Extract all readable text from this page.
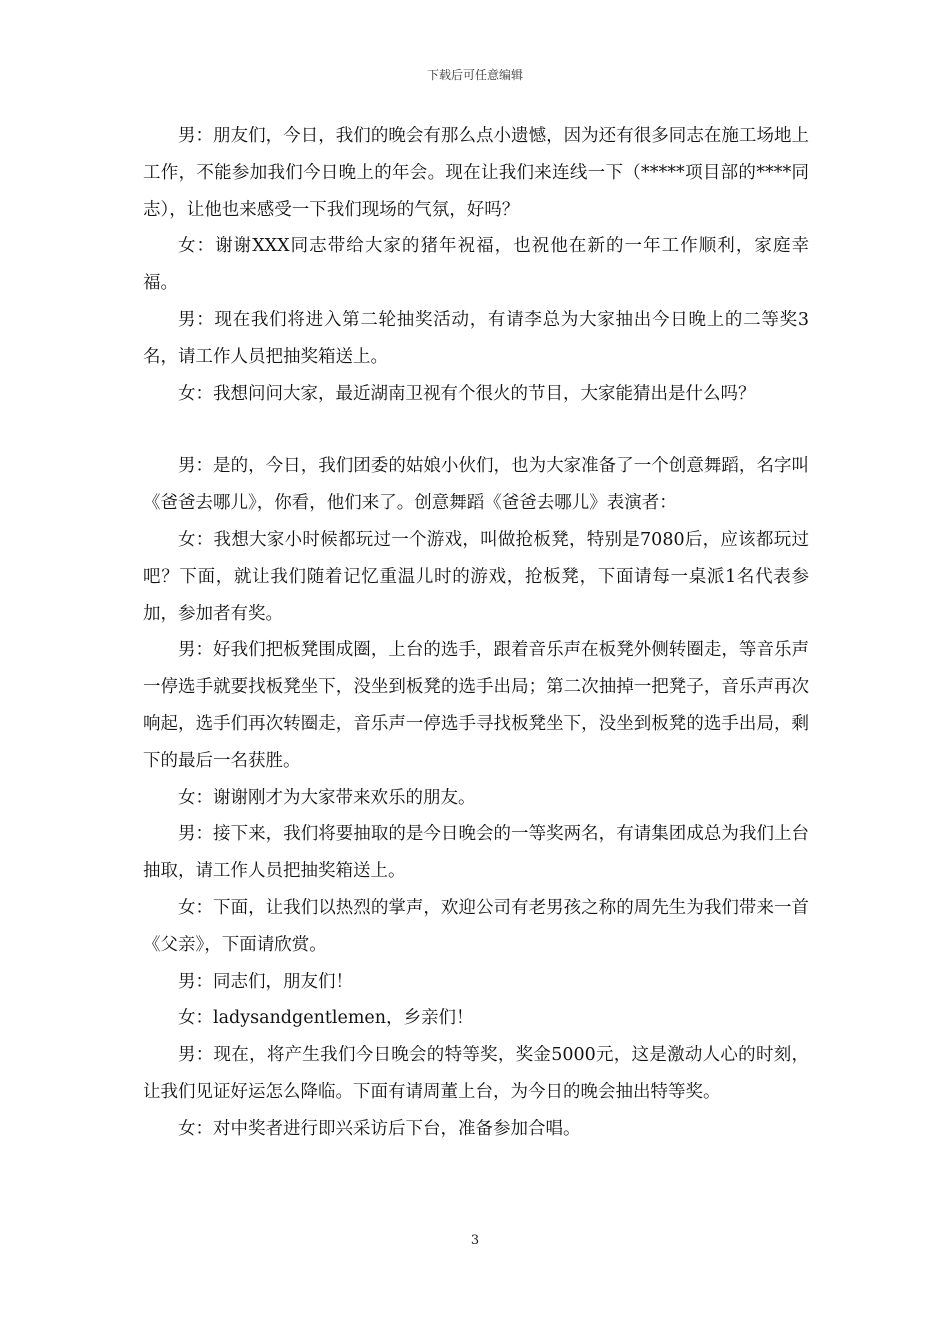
下载后可任意编辑

男：朋友们，今日，我们的晚会有那么点小遗憾，因为还有很多同志在施工场地上工作，不能参加我们今日晚上的年会。现在让我们来连线一下（*****项目部的****同志），让他也来感受一下我们现场的气氛，好吗？

女：谢谢XXX同志带给大家的猪年祝福，也祝他在新的一年工作顺利，家庭幸福。

男：现在我们将进入第二轮抽奖活动，有请李总为大家抽出今日晚上的二等奖3名，请工作人员把抽奖箱送上。

女：我想问问大家，最近湖南卫视有个很火的节目，大家能猜出是什么吗？

男：是的，今日，我们团委的姑娘小伙们，也为大家准备了一个创意舞蹈，名字叫《爸爸去哪儿》，你看，他们来了。创意舞蹈《爸爸去哪儿》表演者：

女：我想大家小时候都玩过一个游戏，叫做抢板凳，特别是7080后，应该都玩过吧？下面，就让我们随着记忆重温儿时的游戏，抢板凳，下面请每一桌派1名代表参加，参加者有奖。

男：好我们把板凳围成圈，上台的选手，跟着音乐声在板凳外侧转圈走，等音乐声一停选手就要找板凳坐下，没坐到板凳的选手出局；第二次抽掉一把凳子，音乐声再次响起，选手们再次转圈走，音乐声一停选手寻找板凳坐下，没坐到板凳的选手出局，剩下的最后一名获胜。

女：谢谢刚才为大家带来欢乐的朋友。

男：接下来，我们将要抽取的是今日晚会的一等奖两名，有请集团成总为我们上台抽取，请工作人员把抽奖箱送上。

女：下面，让我们以热烈的掌声，欢迎公司有老男孩之称的周先生为我们带来一首《父亲》，下面请欣赏。

男：同志们，朋友们！

女：ladysandgentlemen，乡亲们！

男：现在，将产生我们今日晚会的特等奖，奖金5000元，这是激动人心的时刻，让我们见证好运怎么降临。下面有请周董上台，为今日的晚会抽出特等奖。

女：对中奖者进行即兴采访后下台，准备参加合唱。

3
